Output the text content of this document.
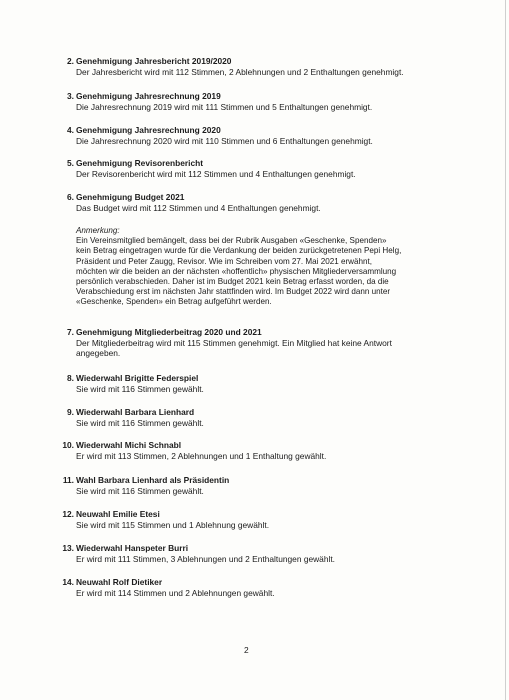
2. Genehmigung Jahresbericht 2019/2020
Der Jahresbericht wird mit 112 Stimmen, 2 Ablehnungen und 2 Enthaltungen genehmigt.
3. Genehmigung Jahresrechnung 2019
Die Jahresrechnung 2019 wird mit 111 Stimmen und 5 Enthaltungen genehmigt.
4. Genehmigung Jahresrechnung 2020
Die Jahresrechnung 2020 wird mit 110 Stimmen und 6 Enthaltungen genehmigt.
5. Genehmigung Revisorenbericht
Der Revisorenbericht wird mit 112 Stimmen und 4 Enthaltungen genehmigt.
6. Genehmigung Budget 2021
Das Budget wird mit 112 Stimmen und 4 Enthaltungen genehmigt.
Anmerkung:
Ein Vereinsmitglied bemängelt, dass bei der Rubrik Ausgaben «Geschenke, Spenden»
kein Betrag eingetragen wurde für die Verdankung der beiden zurückgetretenen Pepi Helg,
Präsident und Peter Zaugg, Revisor. Wie im Schreiben vom 27. Mai 2021 erwähnt,
möchten wir die beiden an der nächsten «hoffentlich» physischen Mitgliederversammlung
persönlich verabschieden. Daher ist im Budget 2021 kein Betrag erfasst worden, da die
Verabschiedung erst im nächsten Jahr stattfinden wird. Im Budget 2022 wird dann unter
«Geschenke, Spenden» ein Betrag aufgeführt werden.
7. Genehmigung Mitgliederbeitrag 2020 und 2021
Der Mitgliederbeitrag wird mit 115 Stimmen genehmigt. Ein Mitglied hat keine Antwort
angegeben.
8. Wiederwahl Brigitte Federspiel
Sie wird mit 116 Stimmen gewählt.
9. Wiederwahl Barbara Lienhard
Sie wird mit 116 Stimmen gewählt.
10. Wiederwahl Michi Schnabl
Er wird mit 113 Stimmen, 2 Ablehnungen und 1 Enthaltung gewählt.
11. Wahl Barbara Lienhard als Präsidentin
Sie wird mit 116 Stimmen gewählt.
12. Neuwahl Emilie Etesi
Sie wird mit 115 Stimmen und 1 Ablehnung gewählt.
13. Wiederwahl Hanspeter Burri
Er wird mit 111 Stimmen, 3 Ablehnungen und 2 Enthaltungen gewählt.
14. Neuwahl Rolf Dietiker
Er wird mit 114 Stimmen und 2 Ablehnungen gewählt.
2
